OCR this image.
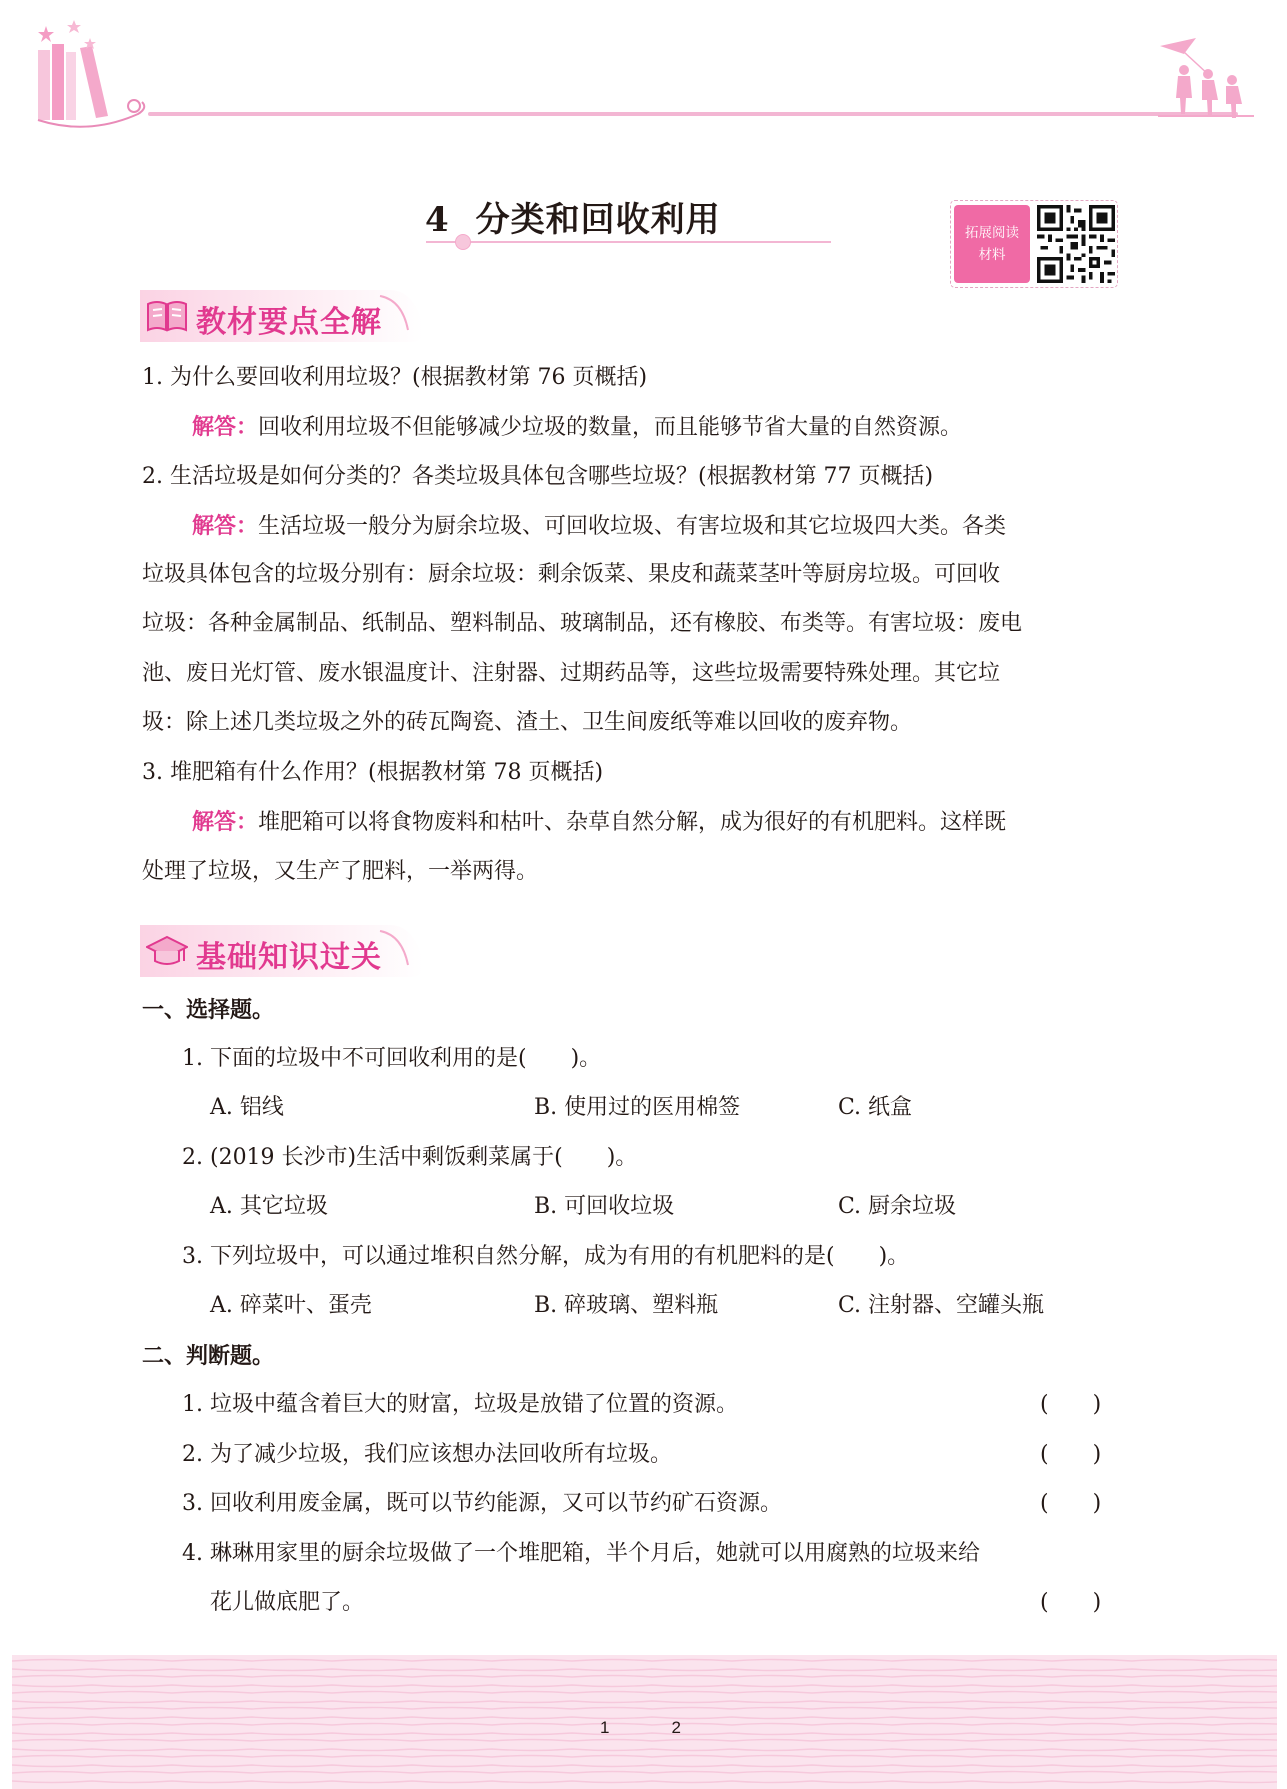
4 分类和回收利用	拓展阅读
材料
教材要点全解
1. 为什么要回收利用垃圾？(根据教材第 76 页概括)
解答：回收利用垃圾不但能够减少垃圾的数量，而且能够节省大量的自然资源。
2. 生活垃圾是如何分类的？各类垃圾具体包含哪些垃圾？(根据教材第 77 页概括)
解答：生活垃圾一般分为厨余垃圾、可回收垃圾、有害垃圾和其它垃圾四大类。各类
垃圾具体包含的垃圾分别有：厨余垃圾：剩余饭菜、果皮和蔬菜茎叶等厨房垃圾。可回收
垃圾：各种金属制品、纸制品、塑料制品、玻璃制品，还有橡胶、布类等。有害垃圾：废电
池、废日光灯管、废水银温度计、注射器、过期药品等，这些垃圾需要特殊处理。其它垃
圾：除上述几类垃圾之外的砖瓦陶瓷、渣土、卫生间废纸等难以回收的废弃物。
3. 堆肥箱有什么作用？(根据教材第 78 页概括)
解答：堆肥箱可以将食物废料和枯叶、杂草自然分解，成为很好的有机肥料。这样既
处理了垃圾，又生产了肥料，一举两得。
基础知识过关
一、选择题。
1. 下面的垃圾中不可回收利用的是(　　)。
A. 铝线	B. 使用过的医用棉签	C. 纸盒
2. (2019 长沙市)生活中剩饭剩菜属于(　　)。
A. 其它垃圾	B. 可回收垃圾	C. 厨余垃圾
3. 下列垃圾中，可以通过堆积自然分解，成为有用的有机肥料的是(　　)。
A. 碎菜叶、蛋壳	B. 碎玻璃、塑料瓶	C. 注射器、空罐头瓶
二、判断题。
1. 垃圾中蕴含着巨大的财富，垃圾是放错了位置的资源。	(　　)
2. 为了减少垃圾，我们应该想办法回收所有垃圾。	(　　)
3. 回收利用废金属，既可以节约能源，又可以节约矿石资源。	(　　)
4. 琳琳用家里的厨余垃圾做了一个堆肥箱，半个月后，她就可以用腐熟的垃圾来给
花儿做底肥了。	(　　)
12
